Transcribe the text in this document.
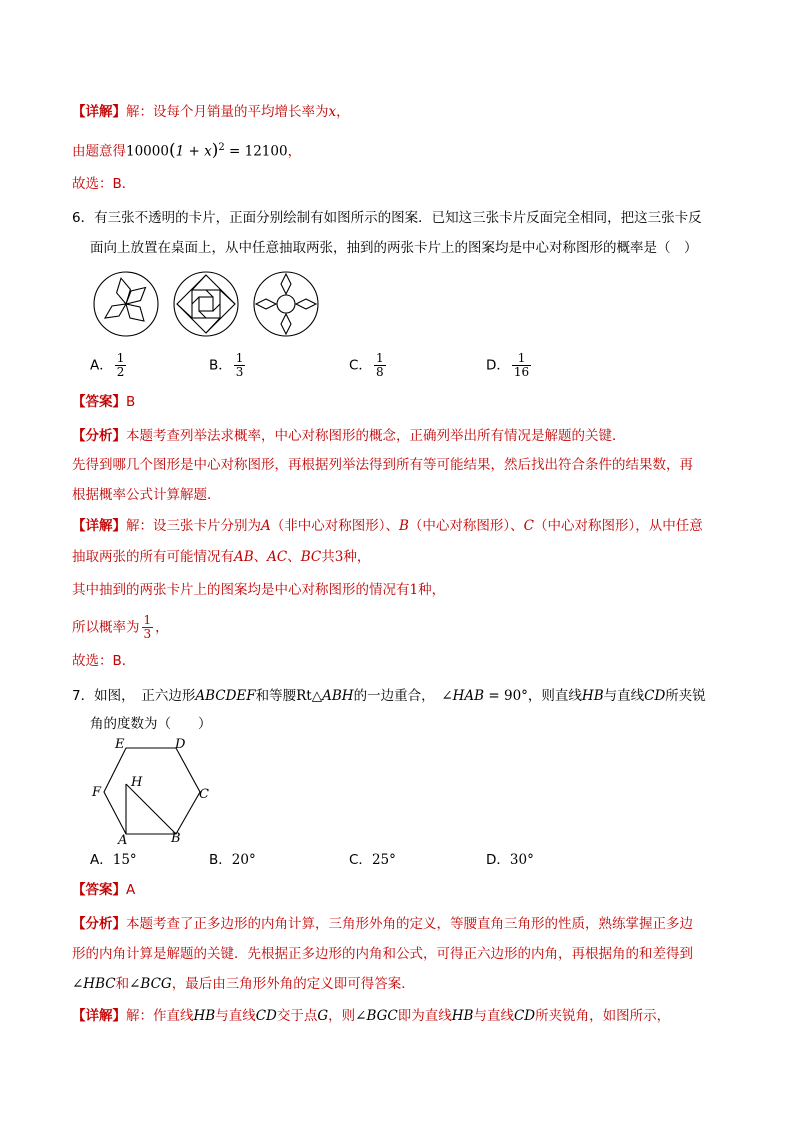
【详解】解：设每个月销量的平均增长率为x，
由题意得$10000(1 + x)^2 = 12100$，
故选：B．
6．有三张不透明的卡片，正面分别绘制有如图所示的图案．已知这三张卡片反面完全相同，把这三张卡反
面向上放置在桌面上，从中任意抽取两张，抽到的两张卡片上的图案均是中心对称图形的概率是（　）
A． $\frac{1}{2}$	B． $\frac{1}{3}$	C． $\frac{1}{8}$	D． $\frac{1}{16}$
【答案】B
【分析】本题考查列举法求概率，中心对称图形的概念，正确列举出所有情况是解题的关键．
先得到哪几个图形是中心对称图形，再根据列举法得到所有等可能结果，然后找出符合条件的结果数，再
根据概率公式计算解题．
【详解】解：设三张卡片分别为A（非中心对称图形）、B（中心对称图形）、C（中心对称图形），从中任意
抽取两张的所有可能情况有AB、AC、BC共3种，
其中抽到的两张卡片上的图案均是中心对称图形的情况有1种，
所以概率为 $\frac{1}{3}$ ，
故选：B．
7．如图，　正六边形ABCDEF和等腰Rt△ABH的一边重合，　∠HAB = 90°，则直线HB与直线CD所夹锐
角的度数为（　　）
E	D
F
H
C
A	B
A．15°	B．20°	C．25°	D．30°
【答案】A
【分析】本题考查了正多边形的内角计算，三角形外角的定义，等腰直角三角形的性质，熟练掌握正多边
形的内角计算是解题的关键．先根据正多边形的内角和公式，可得正六边形的内角，再根据角的和差得到
∠HBC和∠BCG，最后由三角形外角的定义即可得答案．
【详解】解：作直线HB与直线CD交于点G，则∠BGC即为直线HB与直线CD所夹锐角，如图所示，
